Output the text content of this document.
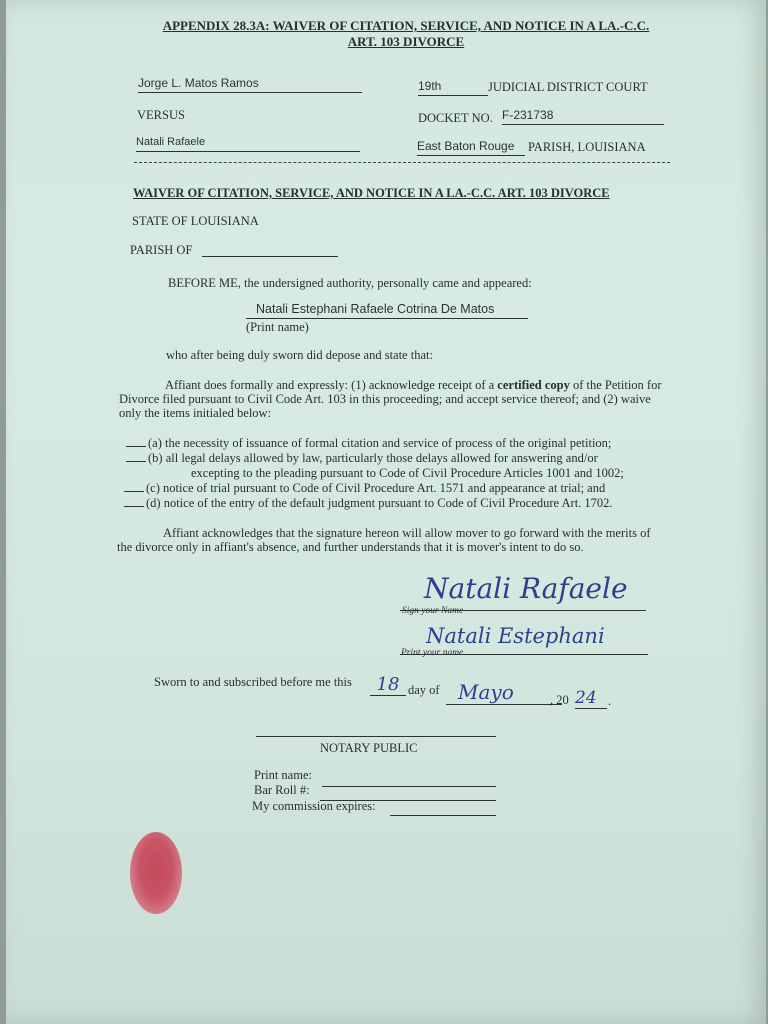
APPENDIX 28.3A: WAIVER OF CITATION, SERVICE, AND NOTICE IN A LA.-C.C.
ART. 103 DIVORCE
Jorge L. Matos Ramos	19th	JUDICIAL DISTRICT COURT
VERSUS	DOCKET NO. F-231738
Natali Rafaele	East Baton Rouge	PARISH, LOUISIANA
WAIVER OF CITATION, SERVICE, AND NOTICE IN A LA.-C.C. ART. 103 DIVORCE
STATE OF LOUISIANA
PARISH OF
BEFORE ME, the undersigned authority, personally came and appeared:
Natali Estephani Rafaele Cotrina De Matos
(Print name)
who after being duly sworn did depose and state that:
Affiant does formally and expressly: (1) acknowledge receipt of a certified copy of the Petition for Divorce filed pursuant to Civil Code Art. 103 in this proceeding; and accept service thereof; and (2) waive only the items initialed below:
(a) the necessity of issuance of formal citation and service of process of the original petition;
(b) all legal delays allowed by law, particularly those delays allowed for answering and/or
excepting to the pleading pursuant to Code of Civil Procedure Articles 1001 and 1002;
(c) notice of trial pursuant to Code of Civil Procedure Art. 1571 and appearance at trial; and
(d) notice of the entry of the default judgment pursuant to Code of Civil Procedure Art. 1702.
Affiant acknowledges that the signature hereon will allow mover to go forward with the merits of the divorce only in affiant's absence, and further understands that it is mover's intent to do so.
Natali Rafaele
Sign your Name
Natali Estephani
Print your name
Sworn to and subscribed before me this	18 day of Mayo	, 20 24 .
NOTARY PUBLIC
Print name:
Bar Roll #:
My commission expires:
